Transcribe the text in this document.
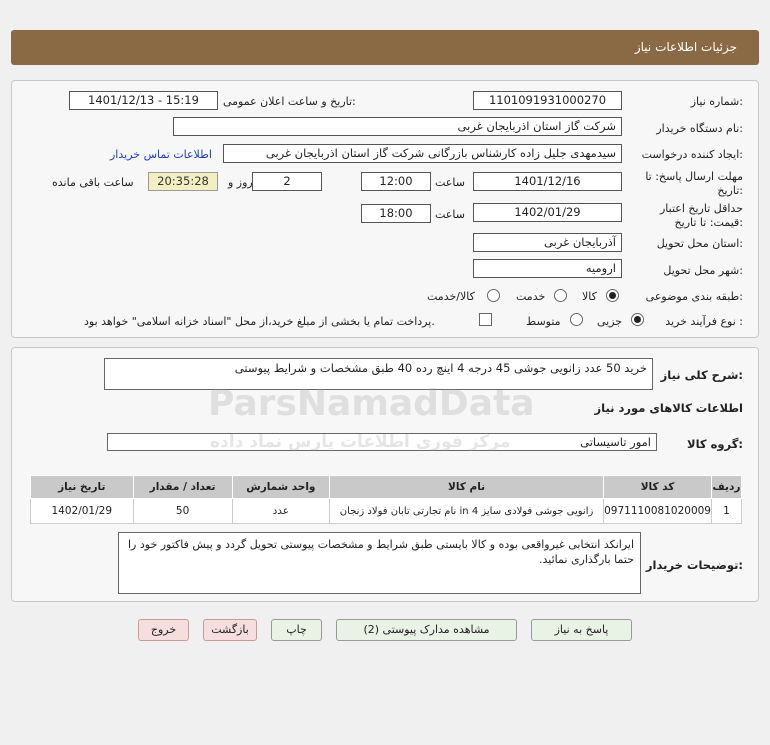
جزئیات اطلاعات نیاز
شماره نیاز:
1101091931000270
تاریخ و ساعت اعلان عمومی:
1401/12/13 - 15:19
نام دستگاه خریدار:
شرکت گاز استان اذربایجان غربی
ایجاد کننده درخواست:
سیدمهدی جلیل زاده کارشناس بازرگانی شرکت گاز استان اذربایجان غربی
اطلاعات تماس خریدار
مهلت ارسال پاسخ: تا
تاریخ:
1401/12/16
ساعت
12:00
2
روز و
20:35:28
ساعت باقی مانده
حداقل تاریخ اعتبار
قیمت: تا تاریخ:
1402/01/29
ساعت
18:00
استان محل تحویل:
آذربایجان غربی
شهر محل تحویل:
ارومیه
طبقه بندی موضوعی:
کالا
خدمت
کالا/خدمت
نوع فرآیند خرید :
جزیی
متوسط
پرداخت تمام یا بخشی از مبلغ خرید،از محل "اسناد خزانه اسلامی" خواهد بود.
شرح کلی نیاز:
خرید 50 عدد زانویی جوشی 45 درجه 4 اینچ رده 40 طبق مشخصات و شرایط پیوستی
اطلاعات کالاهای مورد نیاز
گروه کالا:
امور تاسیساتی
تاریخ نیاز	تعداد / مقدار	واحد شمارش	نام کالا	کد کالا	ردیف
1402/01/29	50	عدد	زانویی جوشی فولادی سایز 4 in نام تجارتی تابان فولاد زنجان	0971110081020009	1
توضیحات خریدار:
ایرانکد انتخابی غیرواقعی بوده و کالا بایستی طبق شرایط و مشخصات پیوستی تحویل گردد و پیش فاکتور خود را حتما بارگذاری نمائید.
پاسخ به نیاز
مشاهده مدارک پیوستی (2)
چاپ
بازگشت
خروج
ParsNamadData
مرکز فوری اطلاعات پارس نماد داده
